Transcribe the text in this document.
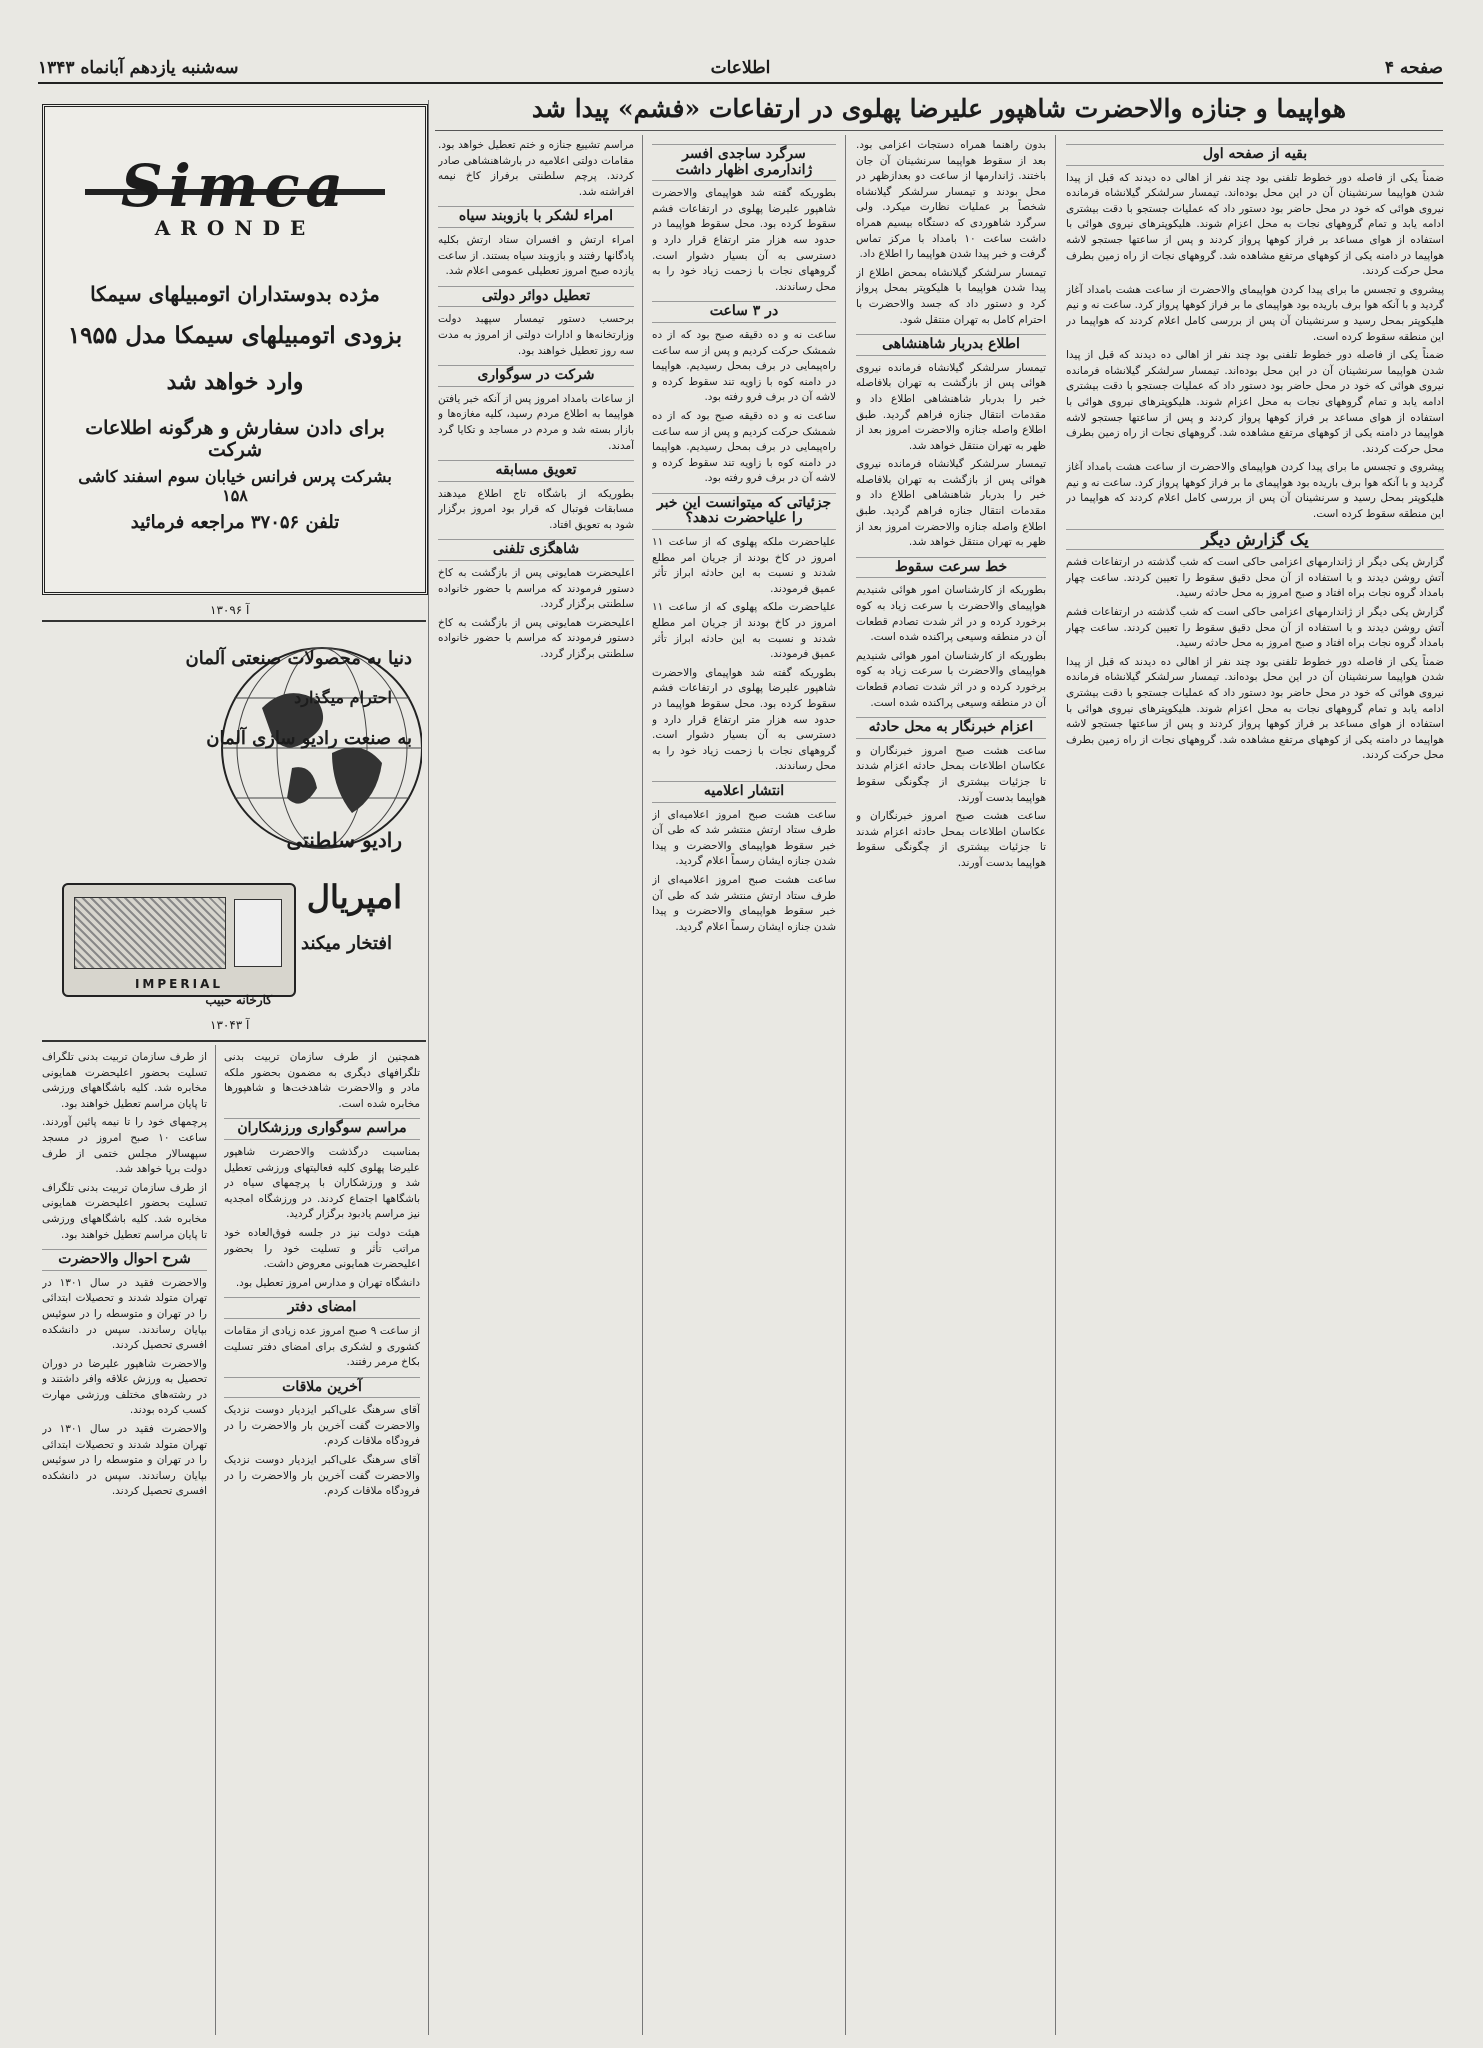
صفحه ۴
اطلاعات
سه‌شنبه یازدهم آبانماه ۱۳۴۳
هواپیما و جنازه والاحضرت شاهپور علیرضا پهلوی در ارتفاعات «فشم» پیدا شد
بقیه از صفحه اول

ضمناً یکی از فاصله دور خطوط تلفنی بود چند نفر از اهالی ده دیدند که قبل از پیدا شدن هواپیما سرنشینان آن در این محل بوده‌اند. تیمسار سرلشکر گیلانشاه فرمانده نیروی هوائی که خود در محل حاضر بود دستور داد که عملیات جستجو با دقت بیشتری ادامه یابد و تمام گروههای نجات به محل اعزام شوند. هلیکوپترهای نیروی هوائی با استفاده از هوای مساعد بر فراز کوهها پرواز کردند و پس از ساعتها جستجو لاشه هواپیما در دامنه یکی از کوههای مرتفع مشاهده شد. گروههای نجات از راه زمین بطرف محل حرکت کردند.

پیشروی و تجسس ما برای پیدا کردن هواپیمای والاحضرت از ساعت هشت بامداد آغاز گردید و با آنکه هوا برف‌ باریده بود هواپیمای ما بر فراز کوهها پرواز کرد. ساعت نه و نیم هلیکوپتر بمحل رسید و سرنشینان آن پس از بررسی کامل اعلام کردند که هواپیما در این منطقه سقوط کرده است.

ضمناً یکی از فاصله دور خطوط تلفنی بود چند نفر از اهالی ده دیدند که قبل از پیدا شدن هواپیما سرنشینان آن در این محل بوده‌اند. تیمسار سرلشکر گیلانشاه فرمانده نیروی هوائی که خود در محل حاضر بود دستور داد که عملیات جستجو با دقت بیشتری ادامه یابد و تمام گروههای نجات به محل اعزام شوند. هلیکوپترهای نیروی هوائی با استفاده از هوای مساعد بر فراز کوهها پرواز کردند و پس از ساعتها جستجو لاشه هواپیما در دامنه یکی از کوههای مرتفع مشاهده شد. گروههای نجات از راه زمین بطرف محل حرکت کردند.

پیشروی و تجسس ما برای پیدا کردن هواپیمای والاحضرت از ساعت هشت بامداد آغاز گردید و با آنکه هوا برف‌ باریده بود هواپیمای ما بر فراز کوهها پرواز کرد. ساعت نه و نیم هلیکوپتر بمحل رسید و سرنشینان آن پس از بررسی کامل اعلام کردند که هواپیما در این منطقه سقوط کرده است.

یک گزارش دیگر

گزارش یکی دیگر از ژاندارمهای اعزامی حاکی است که شب گذشته در ارتفاعات فشم آتش روشن دیدند و با استفاده از آن محل دقیق سقوط را تعیین کردند. ساعت چهار بامداد گروه نجات براه افتاد و صبح امروز به محل حادثه رسید.

گزارش یکی دیگر از ژاندارمهای اعزامی حاکی است که شب گذشته در ارتفاعات فشم آتش روشن دیدند و با استفاده از آن محل دقیق سقوط را تعیین کردند. ساعت چهار بامداد گروه نجات براه افتاد و صبح امروز به محل حادثه رسید.

ضمناً یکی از فاصله دور خطوط تلفنی بود چند نفر از اهالی ده دیدند که قبل از پیدا شدن هواپیما سرنشینان آن در این محل بوده‌اند. تیمسار سرلشکر گیلانشاه فرمانده نیروی هوائی که خود در محل حاضر بود دستور داد که عملیات جستجو با دقت بیشتری ادامه یابد و تمام گروههای نجات به محل اعزام شوند. هلیکوپترهای نیروی هوائی با استفاده از هوای مساعد بر فراز کوهها پرواز کردند و پس از ساعتها جستجو لاشه هواپیما در دامنه یکی از کوههای مرتفع مشاهده شد. گروههای نجات از راه زمین بطرف محل حرکت کردند.

بدون راهنما همراه دستجات اعزامی بود. بعد از سقوط هواپیما سرنشینان آن جان باختند. ژاندارمها از ساعت دو بعدازظهر در محل بودند و تیمسار سرلشکر گیلانشاه شخصاً بر عملیات نظارت میکرد. ولی سرگرد شاهوردی که دستگاه بیسیم همراه داشت ساعت ۱۰ بامداد با مرکز تماس گرفت و خبر پیدا شدن هواپیما را اطلاع داد.

تیمسار سرلشکر گیلانشاه بمحض اطلاع از پیدا شدن هواپیما با هلیکوپتر بمحل پرواز کرد و دستور داد که جسد والاحضرت با احترام کامل به تهران منتقل شود.

اطلاع بدربار شاهنشاهی

تیمسار سرلشکر گیلانشاه فرمانده نیروی هوائی پس از بازگشت به تهران بلافاصله خبر را بدربار شاهنشاهی اطلاع داد و مقدمات انتقال جنازه فراهم گردید. طبق اطلاع واصله جنازه والاحضرت امروز بعد از ظهر به تهران منتقل خواهد شد.

تیمسار سرلشکر گیلانشاه فرمانده نیروی هوائی پس از بازگشت به تهران بلافاصله خبر را بدربار شاهنشاهی اطلاع داد و مقدمات انتقال جنازه فراهم گردید. طبق اطلاع واصله جنازه والاحضرت امروز بعد از ظهر به تهران منتقل خواهد شد.

خط سرعت سقوط

بطوریکه از کارشناسان امور هوائی شنیدیم هواپیمای والاحضرت با سرعت زیاد به کوه برخورد کرده و در اثر شدت تصادم قطعات آن در منطقه وسیعی پراکنده شده است.

بطوریکه از کارشناسان امور هوائی شنیدیم هواپیمای والاحضرت با سرعت زیاد به کوه برخورد کرده و در اثر شدت تصادم قطعات آن در منطقه وسیعی پراکنده شده است.

اعزام خبرنگار به محل حادثه

ساعت هشت صبح امروز خبرنگاران و عکاسان اطلاعات بمحل حادثه اعزام شدند تا جزئیات بیشتری از چگونگی سقوط هواپیما بدست آورند.

ساعت هشت صبح امروز خبرنگاران و عکاسان اطلاعات بمحل حادثه اعزام شدند تا جزئیات بیشتری از چگونگی سقوط هواپیما بدست آورند.

سرگرد ساجدی افسر ژاندارمری اظهار داشت

بطوریکه گفته شد هواپیمای والاحضرت شاهپور علیرضا پهلوی در ارتفاعات فشم سقوط کرده بود. محل سقوط هواپیما در حدود سه هزار متر ارتفاع قرار دارد و دسترسی به آن بسیار دشوار است. گروههای نجات با زحمت زیاد خود را به محل رساندند.

در ۳ ساعت

ساعت نه و ده دقیقه صبح بود که از ده شمشک حرکت کردیم و پس از سه ساعت راه‌پیمایی در برف بمحل رسیدیم. هواپیما در دامنه کوه با زاویه تند سقوط کرده و لاشه آن در برف فرو رفته بود.

ساعت نه و ده دقیقه صبح بود که از ده شمشک حرکت کردیم و پس از سه ساعت راه‌پیمایی در برف بمحل رسیدیم. هواپیما در دامنه کوه با زاویه تند سقوط کرده و لاشه آن در برف فرو رفته بود.

جزئیاتی که میتوانست این خبر را علیاحضرت ندهد؟

علیاحضرت ملکه پهلوی که از ساعت ۱۱ امروز در کاخ بودند از جریان امر مطلع شدند و نسبت به این حادثه ابراز تأثر عمیق فرمودند.

علیاحضرت ملکه پهلوی که از ساعت ۱۱ امروز در کاخ بودند از جریان امر مطلع شدند و نسبت به این حادثه ابراز تأثر عمیق فرمودند.

بطوریکه گفته شد هواپیمای والاحضرت شاهپور علیرضا پهلوی در ارتفاعات فشم سقوط کرده بود. محل سقوط هواپیما در حدود سه هزار متر ارتفاع قرار دارد و دسترسی به آن بسیار دشوار است. گروههای نجات با زحمت زیاد خود را به محل رساندند.

انتشار اعلامیه

ساعت هشت صبح امروز اعلامیه‌ای از طرف ستاد ارتش منتشر شد که طی آن خبر سقوط هواپیمای والاحضرت و پیدا شدن جنازه ایشان رسماً اعلام گردید.

ساعت هشت صبح امروز اعلامیه‌ای از طرف ستاد ارتش منتشر شد که طی آن خبر سقوط هواپیمای والاحضرت و پیدا شدن جنازه ایشان رسماً اعلام گردید.

مراسم تشییع جنازه و ختم تعطیل خواهد بود. مقامات دولتی اعلامیه در بارشاهنشاهی صادر کردند. پرچم سلطنتی برفراز کاخ نیمه افراشته شد.

امراء لشکر با بازوبند سیاه

امراء ارتش و افسران ستاد ارتش بکلیه پادگانها رفتند و بازوبند سیاه بستند. از ساعت یازده صبح امروز تعطیلی عمومی اعلام شد.

تعطیل دوائر دولتی

برحسب دستور تیمسار سپهبد دولت وزارتخانه‌ها و ادارات دولتی از امروز به مدت سه روز تعطیل خواهند بود.

شرکت در سوگواری

از ساعات بامداد امروز پس از آنکه خبر یافتن هواپیما به اطلاع مردم رسید، کلیه مغازه‌ها و بازار بسته شد و مردم در مساجد و تکایا گرد آمدند.

تعویق مسابقه

بطوریکه از باشگاه تاج اطلاع میدهند مسابقات فوتبال که قرار بود امروز برگزار شود به تعویق افتاد.

شاهگزی تلفنی

اعلیحضرت همایونی پس از بازگشت به کاخ دستور فرمودند که مراسم با حضور خانواده سلطنتی برگزار گردد.

اعلیحضرت همایونی پس از بازگشت به کاخ دستور فرمودند که مراسم با حضور خانواده سلطنتی برگزار گردد.

Simca
ARONDE
مژده بدوستداران اتومبیلهای سیمکا
بزودی اتومبیلهای سیمکا مدل ۱۹۵۵
وارد خواهد شد
برای دادن سفارش و هرگونه اطلاعات شرکت
بشرکت پرس فرانس خیابان سوم اسفند کاشی ۱۵۸
تلفن ۳۷۰۵۶ مراجعه فرمائید
آ ۱۳۰۹۶
دنیا به محصولات صنعتی آلمان
احترام میگذارد
به صنعت رادیو سازی آلمان
رادیو سلطنتی
امپریال
افتخار میکند
IMPERIAL
کارخانه حبیب
آ ۱۳۰۴۳

همچنین از طرف سازمان تربیت بدنی تلگرافهای دیگری به مضمون بحضور ملکه مادر و والاحضرت شاهدخت‌ها و شاهپورها مخابره شده است.

مراسم سوگواری ورزشکاران

بمناسبت درگذشت والاحضرت شاهپور علیرضا پهلوی کلیه فعالیتهای ورزشی تعطیل شد و ورزشکاران با پرچمهای سیاه در باشگاهها اجتماع کردند. در ورزشگاه امجدیه نیز مراسم یادبود برگزار گردید.

هیئت دولت نیز در جلسه فوق‌العاده خود مراتب تأثر و تسلیت خود را بحضور اعلیحضرت همایونی معروض داشت.

دانشگاه تهران و مدارس امروز تعطیل بود.

امضای دفتر

از ساعت ۹ صبح امروز عده زیادی از مقامات کشوری و لشکری برای امضای دفتر تسلیت بکاخ مرمر رفتند.

آخرین ملاقات

آقای سرهنگ علی‌اکبر ایزدیار دوست نزدیک والاحضرت گفت آخرین بار والاحضرت را در فرودگاه ملاقات کردم.

آقای سرهنگ علی‌اکبر ایزدیار دوست نزدیک والاحضرت گفت آخرین بار والاحضرت را در فرودگاه ملاقات کردم.

از طرف سازمان تربیت بدنی تلگراف تسلیت بحضور اعلیحضرت همایونی مخابره شد. کلیه باشگاههای ورزشی تا پایان مراسم تعطیل خواهند بود.

پرچمهای خود را تا نیمه پائین آوردند. ساعت ۱۰ صبح امروز در مسجد سپهسالار مجلس ختمی از طرف دولت برپا خواهد شد.

از طرف سازمان تربیت بدنی تلگراف تسلیت بحضور اعلیحضرت همایونی مخابره شد. کلیه باشگاههای ورزشی تا پایان مراسم تعطیل خواهند بود.

شرح احوال والاحضرت

والاحضرت فقید در سال ۱۳۰۱ در تهران متولد شدند و تحصیلات ابتدائی را در تهران و متوسطه را در سوئیس بپایان رساندند. سپس در دانشکده افسری تحصیل کردند.

والاحضرت شاهپور علیرضا در دوران تحصیل به ورزش علاقه وافر داشتند و در رشته‌های مختلف ورزشی مهارت کسب کرده بودند.

والاحضرت فقید در سال ۱۳۰۱ در تهران متولد شدند و تحصیلات ابتدائی را در تهران و متوسطه را در سوئیس بپایان رساندند. سپس در دانشکده افسری تحصیل کردند.
